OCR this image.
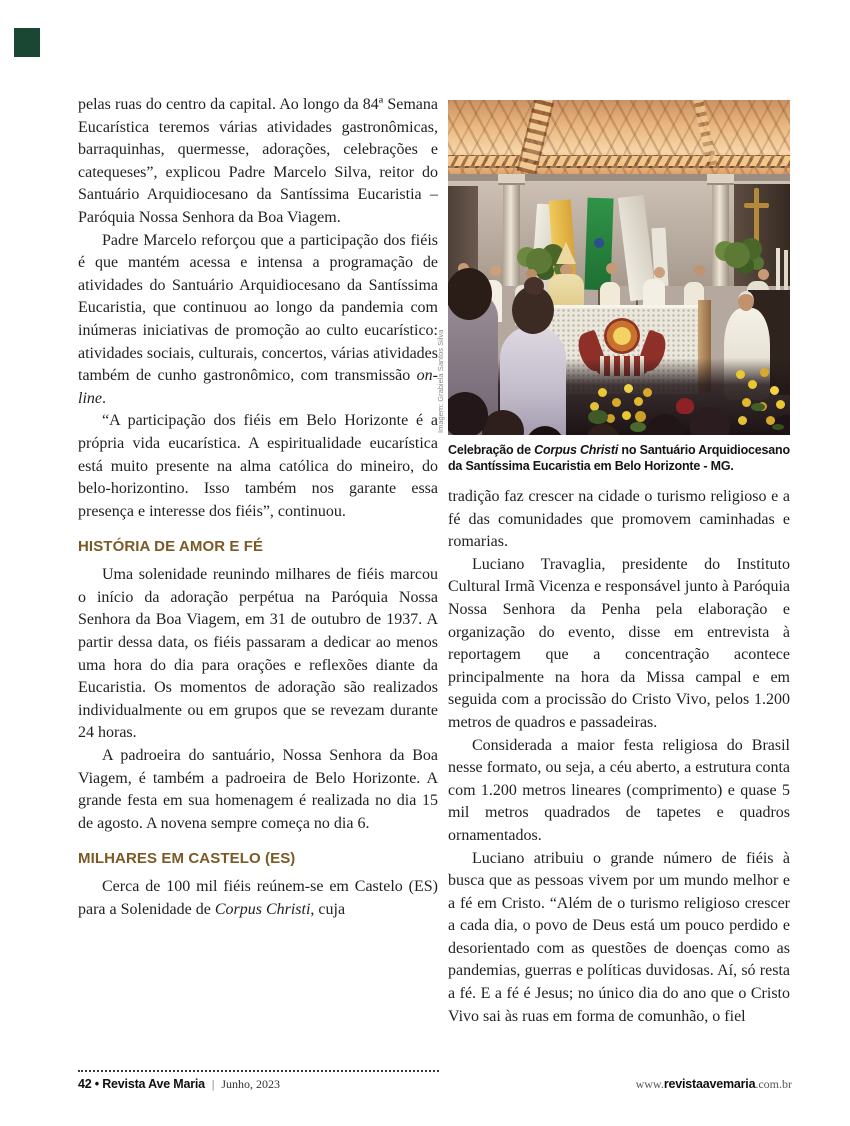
pelas ruas do centro da capital. Ao longo da 84ª Semana Eucarística teremos várias atividades gastronômicas, barraquinhas, quermesse, adorações, celebrações e catequeses”, explicou Padre Marcelo Silva, reitor do Santuário Arquidiocesano da Santíssima Eucaristia – Paróquia Nossa Senhora da Boa Viagem.

Padre Marcelo reforçou que a participação dos fiéis é que mantém acessa e intensa a programação de atividades do Santuário Arquidiocesano da Santíssima Eucaristia, que continuou ao longo da pandemia com inúmeras iniciativas de promoção ao culto eucarístico: atividades sociais, culturais, concertos, várias atividades também de cunho gastronômico, com transmissão on-line.

“A participação dos fiéis em Belo Horizonte é a própria vida eucarística. A espiritualidade eucarística está muito presente na alma católica do mineiro, do belo-horizontino. Isso também nos garante essa presença e interesse dos fiéis”, continuou.

HISTÓRIA DE AMOR E FÉ

Uma solenidade reunindo milhares de fiéis marcou o início da adoração perpétua na Paróquia Nossa Senhora da Boa Viagem, em 31 de outubro de 1937. A partir dessa data, os fiéis passaram a dedicar ao menos uma hora do dia para orações e reflexões diante da Eucaristia. Os momentos de adoração são realizados individualmente ou em grupos que se revezam durante 24 horas.

A padroeira do santuário, Nossa Senhora da Boa Viagem, é também a padroeira de Belo Horizonte. A grande festa em sua homenagem é realizada no dia 15 de agosto. A novena sempre começa no dia 6.

MILHARES EM CASTELO (ES)

Cerca de 100 mil fiéis reúnem-se em Castelo (ES) para a Solenidade de Corpus Christi, cuja

Celebração de Corpus Christi no Santuário Arquidiocesano da Santíssima Eucaristia em Belo Horizonte - MG.

tradição faz crescer na cidade o turismo religioso e a fé das comunidades que promovem caminhadas e romarias.

Luciano Travaglia, presidente do Instituto Cultural Irmã Vicenza e responsável junto à Paróquia Nossa Senhora da Penha pela elaboração e organização do evento, disse em entrevista à reportagem que a concentração acontece principalmente na hora da Missa campal e em seguida com a procissão do Cristo Vivo, pelos 1.200 metros de quadros e passadeiras.

Considerada a maior festa religiosa do Brasil nesse formato, ou seja, a céu aberto, a estrutura conta com 1.200 metros lineares (comprimento) e quase 5 mil metros quadrados de tapetes e quadros ornamentados.

Luciano atribuiu o grande número de fiéis à busca que as pessoas vivem por um mundo melhor e a fé em Cristo. “Além de o turismo religioso crescer a cada dia, o povo de Deus está um pouco perdido e desorientado com as questões de doenças como as pandemias, guerras e políticas duvidosas. Aí, só resta a fé. E a fé é Jesus; no único dia do ano que o Cristo Vivo sai às ruas em forma de comunhão, o fiel

Imagem: Grabiela Santos Silva
42 • Revista Ave Maria | Junho, 2023	www.revistaavemaria.com.br
